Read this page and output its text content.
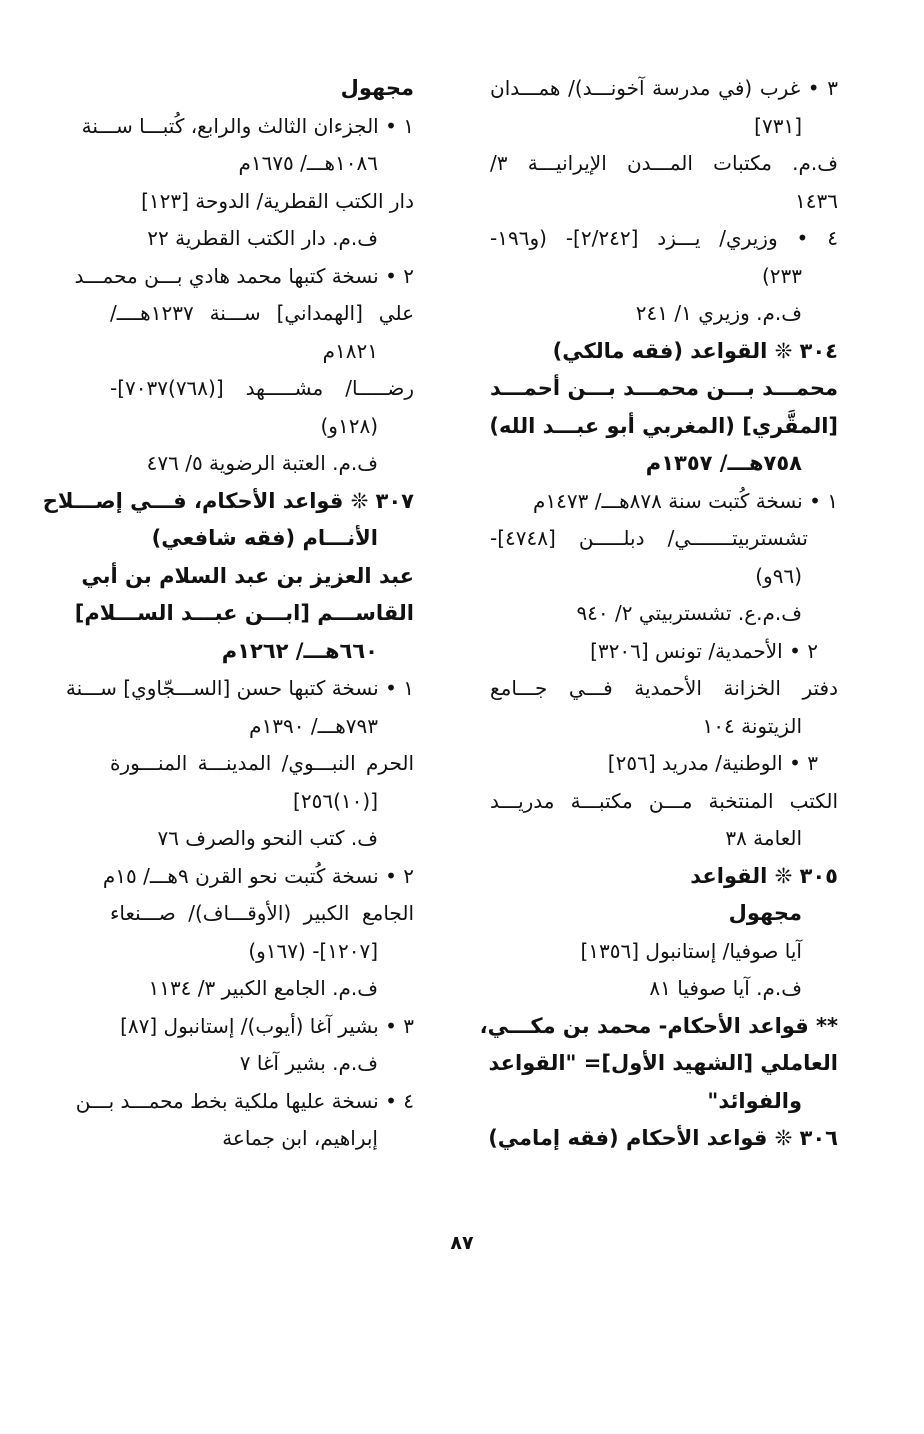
٣ • غرب (في مدرسة آخونـــد)/ همـــدان
[٧٣١]
ف.م. مكتبات المـــدن الإيرانيـــة ٣/
١٤٣٦
٤ • وزيري/ يـــزد [٢/٢٤٢]- (و١٩٦-
٢٣٣)
ف.م. وزيري ١/ ٢٤١
٣٠٤ ❊ القواعد (فقه مالكي)
محمـــد بـــن محمـــد بـــن أحمـــد
[المقَّري] (المغربي أبو عبـــد الله)
٧٥٨هـــ/ ١٣٥٧م
١ • نسخة كُتبت سنة ٨٧٨هـــ/ ١٤٧٣م
تشستربيتـــــــي/ دبلـــــن [٤٧٤٨]-
(٩٦و)
ف.م.ع. تشستربيتي ٢/ ٩٤٠
٢ • الأحمدية/ تونس [٣٢٠٦]
دفتر الخزانة الأحمدية فـــي جـــامع
الزيتونة ١٠٤
٣ • الوطنية/ مدريد [٢٥٦]
الكتب المنتخبة مـــن مكتبـــة مدريـــد
العامة ٣٨
٣٠٥ ❊ القواعد
مجهول
آيا صوفيا/ إستانبول [١٣٥٦]
ف.م. آيا صوفيا ٨١
** قواعد الأحكام- محمد بن مكـــي،
العاملي [الشهيد الأول]= "القواعد
والفوائد"
٣٠٦ ❊ قواعد الأحكام (فقه إمامي)
مجهول
١ • الجزءان الثالث والرابع، كُتبـــا ســـنة
١٠٨٦هـــ/ ١٦٧٥م
دار الكتب القطرية/ الدوحة [١٢٣]
ف.م. دار الكتب القطرية ٢٢
٢ • نسخة كتبها محمد هادي بـــن محمـــد
علي [الهمداني] ســـنة ١٢٣٧هــــ/
١٨٢١م
رضـــــا/ مشـــــهد [(٧٦٨)٧٠٣٧]-
(١٢٨و)
ف.م. العتبة الرضوية ٥/ ٤٧٦
٣٠٧ ❊ قواعد الأحكام، فـــي إصـــلاح
الأنـــام (فقه شافعي)
عبد العزيز بن عبد السلام بن أبي
القاســـم [ابـــن عبـــد الســـلام]
٦٦٠هـــ/ ١٢٦٢م
١ • نسخة كتبها حسن [الســـجّاوي] ســـنة
٧٩٣هـــ/ ١٣٩٠م
الحرم النبـــوي/ المدينـــة المنـــورة
[(١٠)٢٥٦]
ف. كتب النحو والصرف ٧٦
٢ • نسخة كُتبت نحو القرن ٩هـــ/ ١٥م
الجامع الكبير (الأوقـــاف)/ صـــنعاء
[١٢٠٧]- (١٦٧و)
ف.م. الجامع الكبير ٣/ ١١٣٤
٣ • بشير آغا (أيوب)/ إستانبول [٨٧]
ف.م. بشير آغا ٧
٤ • نسخة عليها ملكية بخط محمـــد بـــن
إبراهيم، ابن جماعة
٨٧
